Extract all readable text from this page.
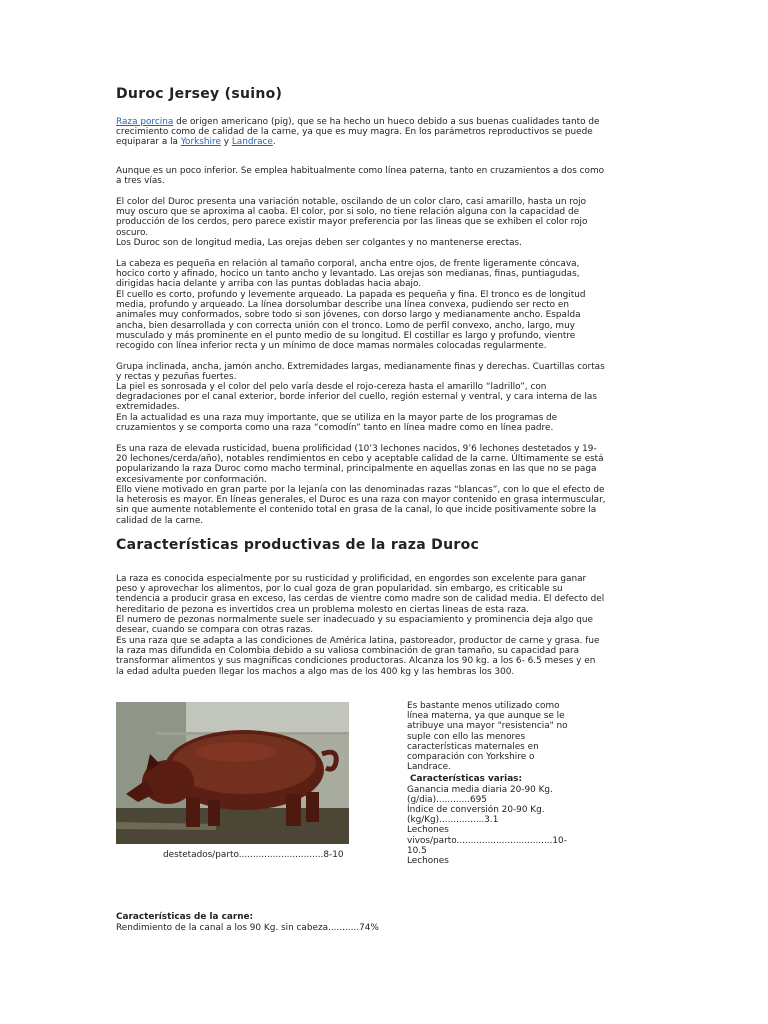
Duroc Jersey (suino)

Raza porcina de origen americano (pig), que se ha hecho un hueco debido a sus buenas cualidades tanto de crecimiento como de calidad de la carne, ya que es muy magra. En los parámetros reproductivos se puede equiparar a la Yorkshire y Landrace.

Aunque es un poco inferior. Se emplea habitualmente como línea paterna, tanto en cruzamientos a dos como a tres vías.

El color del Duroc presenta una variación notable, oscilando de un color claro, casi amarillo, hasta un rojo muy oscuro que se aproxima al caoba. El color, por si solo, no tiene relación alguna con la capacidad de producción de los cerdos, pero parece existir mayor preferencia por las lineas que se exhiben el color rojo oscuro.

Los Duroc son de longitud media, Las orejas deben ser colgantes y no mantenerse erectas.

La cabeza es pequeña en relación al tamaño corporal, ancha entre ojos, de frente ligeramente cóncava, hocico corto y afinado, hocico un tanto ancho y levantado. Las orejas son medianas, finas, puntiagudas, dirigidas hacia delante y arriba con las puntas dobladas hacia abajo.

El cuello es corto, profundo y levemente arqueado. La papada es pequeña y fina. El tronco es de longitud media, profundo y arqueado. La línea dorsolumbar describe una línea convexa, pudiendo ser recto en animales muy conformados, sobre todo si son jóvenes, con dorso largo y medianamente ancho. Espalda ancha, bien desarrollada y con correcta unión con el tronco. Lomo de perfil convexo, ancho, largo, muy musculado y más prominente en el punto medio de su longitud. El costillar es largo y profundo, vientre recogido con línea inferior recta y un mínimo de doce mamas normales colocadas regularmente.

Grupa inclinada, ancha, jamón ancho. Extremidades largas, medianamente finas y derechas. Cuartillas cortas y rectas y pezuñas fuertes.

La piel es sonrosada y el color del pelo varía desde el rojo-cereza hasta el amarillo “ladrillo”, con degradaciones por el canal exterior, borde inferior del cuello, región esternal y ventral, y cara interna de las extremidades.

En la actualidad es una raza muy importante, que se utiliza en la mayor parte de los programas de cruzamientos y se comporta como una raza “comodín” tanto en línea madre como en línea padre.

Es una raza de elevada rusticidad, buena prolificidad (10’3 lechones nacidos, 9’6 lechones destetados y 19-20 lechones/cerda/año), notables rendimientos en cebo y aceptable calidad de la carne. Últimamente se está popularizando la raza Duroc como macho terminal, principalmente en aquellas zonas en las que no se paga excesivamente por conformación.

Ello viene motivado en gran parte por la lejanía con las denominadas razas “blancas”, con lo que el efecto de la heterosis es mayor. En líneas generales, el Duroc es una raza con mayor contenido en grasa intermuscular, sin que aumente notablemente el contenido total en grasa de la canal, lo que incide positivamente sobre la calidad de la carne.

Características productivas de la raza Duroc

La raza es conocida especialmente por su rusticidad y prolificidad, en engordes son excelente para ganar peso y aprovechar los alimentos, por lo cual goza de gran popularidad. sin embargo, es criticable su tendencia a producir grasa en exceso, las cerdas de vientre como madre son de calidad media. El defecto del hereditario de pezona es invertidos crea un problema molesto en ciertas lineas de esta raza.

El numero de pezonas normalmente suele ser inadecuado y su espaciamiento y prominencia deja algo que desear, cuando se compara con otras razas.

Es una raza que se adapta a las condiciones de América latina, pastoreador, productor de carne y grasa. fue la raza mas difundida en Colombia debido a su valiosa combinación de gran tamaño, su capacidad para transformar alimentos y sus magnificas condiciones productoras. Alcanza los 90 kg. a los 6- 6.5 meses y en la edad adulta pueden llegar los machos a algo mas de los 400 kg y las hembras los 300.

destetados/parto..............................8-10
Es bastante menos utilizado como línea materna, ya que aunque se le atribuye una mayor "resistencia" no suple con ello las menores características maternales en comparación con Yorkshire o Landrace.
Características varias:
Ganancia media diaria 20-90 Kg.
(g/dia)............695
Índice de conversión 20-90 Kg.
(kg/Kg)................3.1
Lechones
vivos/parto..................................10-
10.5
Lechones
Características de la carne:
Rendimiento de la canal a los 90 Kg. sin cabeza...........74%
